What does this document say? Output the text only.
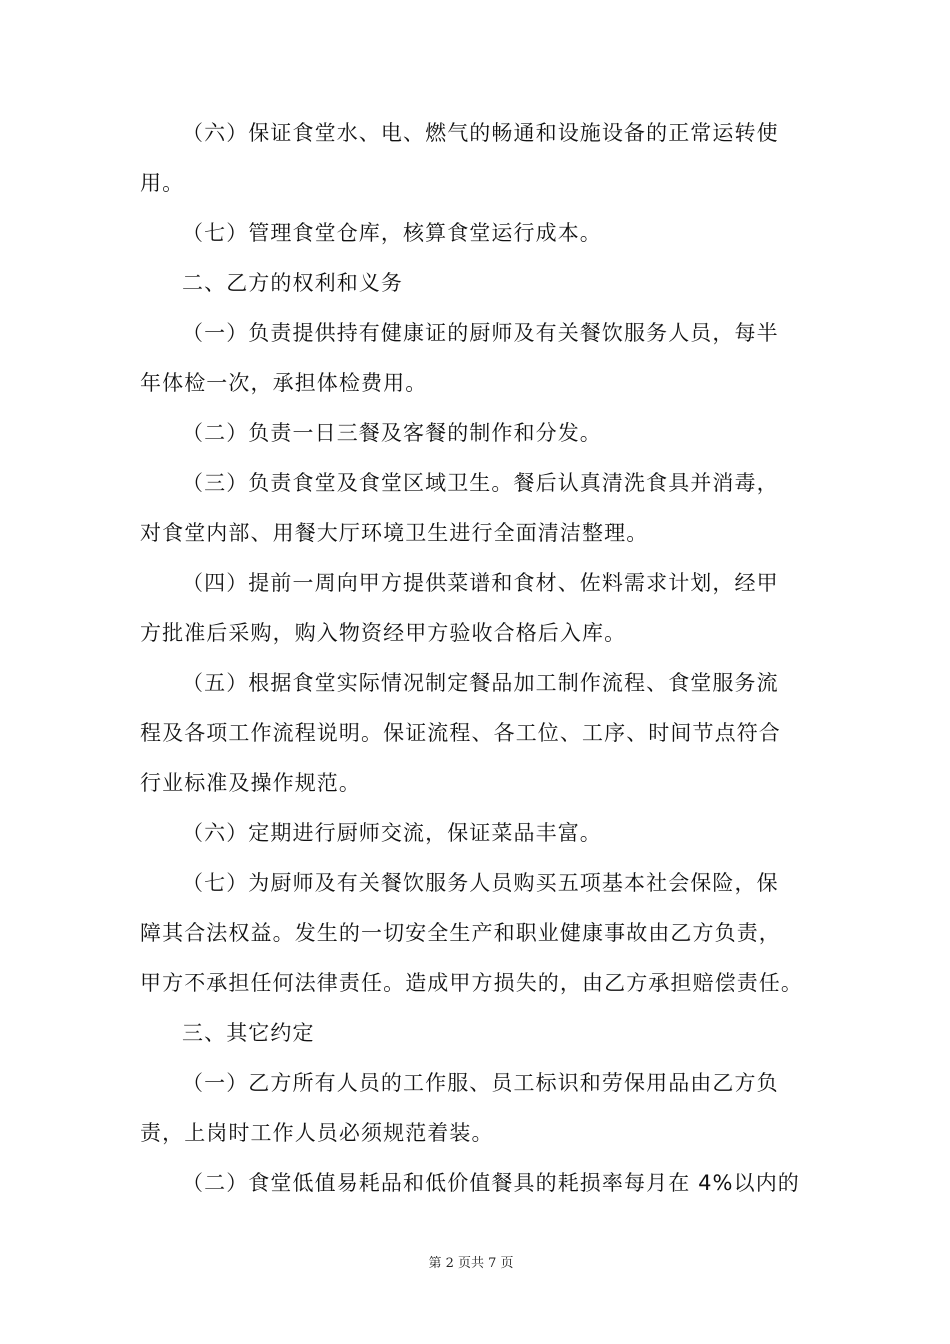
（六）保证食堂水、电、燃气的畅通和设施设备的正常运转使
用。
（七）管理食堂仓库，核算食堂运行成本。
二、乙方的权利和义务
（一）负责提供持有健康证的厨师及有关餐饮服务人员，每半
年体检一次，承担体检费用。
（二）负责一日三餐及客餐的制作和分发。
（三）负责食堂及食堂区域卫生。餐后认真清洗食具并消毒，
对食堂内部、用餐大厅环境卫生进行全面清洁整理。
（四）提前一周向甲方提供菜谱和食材、佐料需求计划，经甲
方批准后采购，购入物资经甲方验收合格后入库。
（五）根据食堂实际情况制定餐品加工制作流程、食堂服务流
程及各项工作流程说明。保证流程、各工位、工序、时间节点符合
行业标准及操作规范。
（六）定期进行厨师交流，保证菜品丰富。
（七）为厨师及有关餐饮服务人员购买五项基本社会保险，保
障其合法权益。发生的一切安全生产和职业健康事故由乙方负责，
甲方不承担任何法律责任。造成甲方损失的，由乙方承担赔偿责任。
三、其它约定
（一）乙方所有人员的工作服、员工标识和劳保用品由乙方负
责，上岗时工作人员必须规范着装。
（二）食堂低值易耗品和低价值餐具的耗损率每月在 4%以内的
第 2 页共 7 页
